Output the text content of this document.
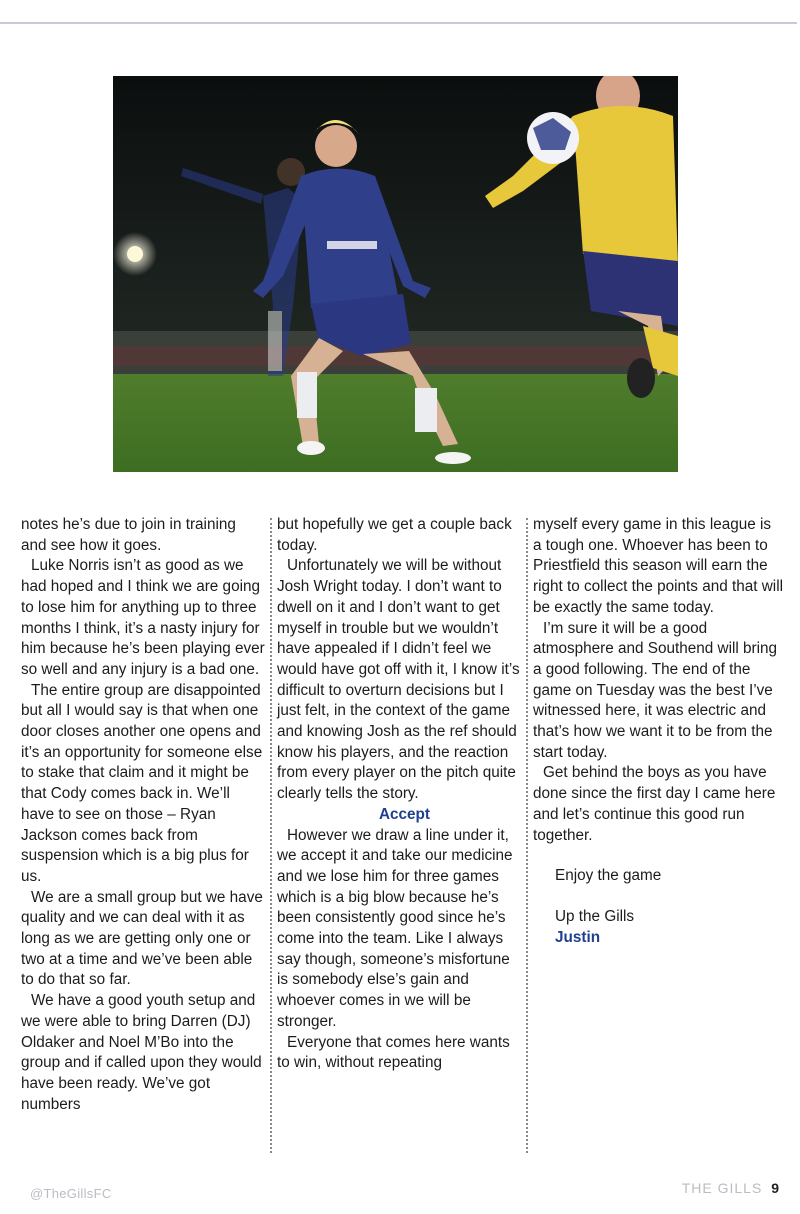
notes he’s due to join in training and see how it goes.

Luke Norris isn’t as good as we had hoped and I think we are going to lose him for anything up to three months I think, it’s a nasty injury for him because he’s been playing ever so well and any injury is a bad one.

The entire group are disappointed but all I would say is that when one door closes another one opens and it’s an opportunity for someone else to stake that claim and it might be that Cody comes back in. We’ll have to see on those – Ryan Jackson comes back from suspension which is a big plus for us.

We are a small group but we have quality and we can deal with it as long as we are getting only one or two at a time and we’ve been able to do that so far.

We have a good youth setup and we were able to bring Darren (DJ) Oldaker and Noel M’Bo into the group and if called upon they would have been ready. We’ve got numbers

but hopefully we get a couple back today.

Unfortunately we will be without Josh Wright today. I don’t want to dwell on it and I don’t want to get myself in trouble but we wouldn’t have appealed if I didn’t feel we would have got off with it, I know it’s difficult to overturn decisions but I just felt, in the context of the game and knowing Josh as the ref should know his players, and the reaction from every player on the pitch quite clearly tells the story.

Accept

However we draw a line under it, we accept it and take our medicine and we lose him for three games which is a big blow because he’s been consistently good since he’s come into the team. Like I always say though, someone’s misfortune is somebody else’s gain and whoever comes in we will be stronger.

Everyone that comes here wants to win, without repeating

myself every game in this league is a tough one. Whoever has been to Priestfield this season will earn the right to collect the points and that will be exactly the same today.

I’m sure it will be a good atmosphere and Southend will bring a good following. The end of the game on Tuesday was the best I’ve witnessed here, it was electric and that’s how we want it to be from the start today.

Get behind the boys as you have done since the first day I came here and let’s continue this good run together.

Enjoy the game

Up the Gills

Justin

@TheGillsFC	THE GILLS 9
